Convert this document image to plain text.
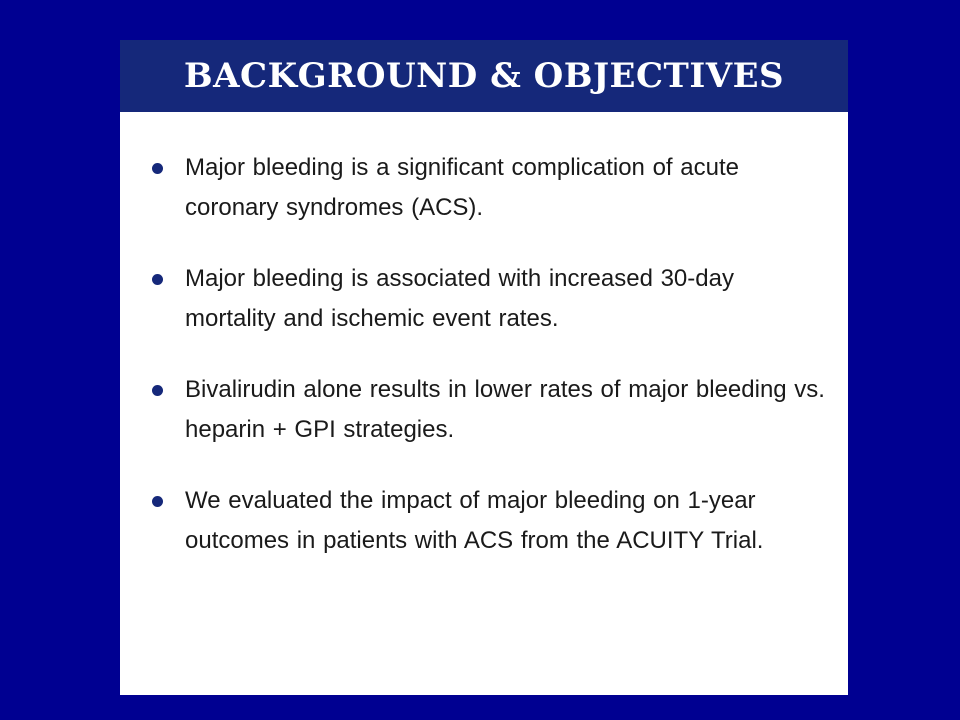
BACKGROUND & OBJECTIVES
Major bleeding is a significant complication of acute coronary syndromes (ACS).
Major bleeding is associated with increased 30-day mortality and ischemic event rates.
Bivalirudin alone results in lower rates of major bleeding vs. heparin + GPI strategies.
We evaluated the impact of major bleeding on 1-year outcomes in patients with ACS from the ACUITY Trial.
